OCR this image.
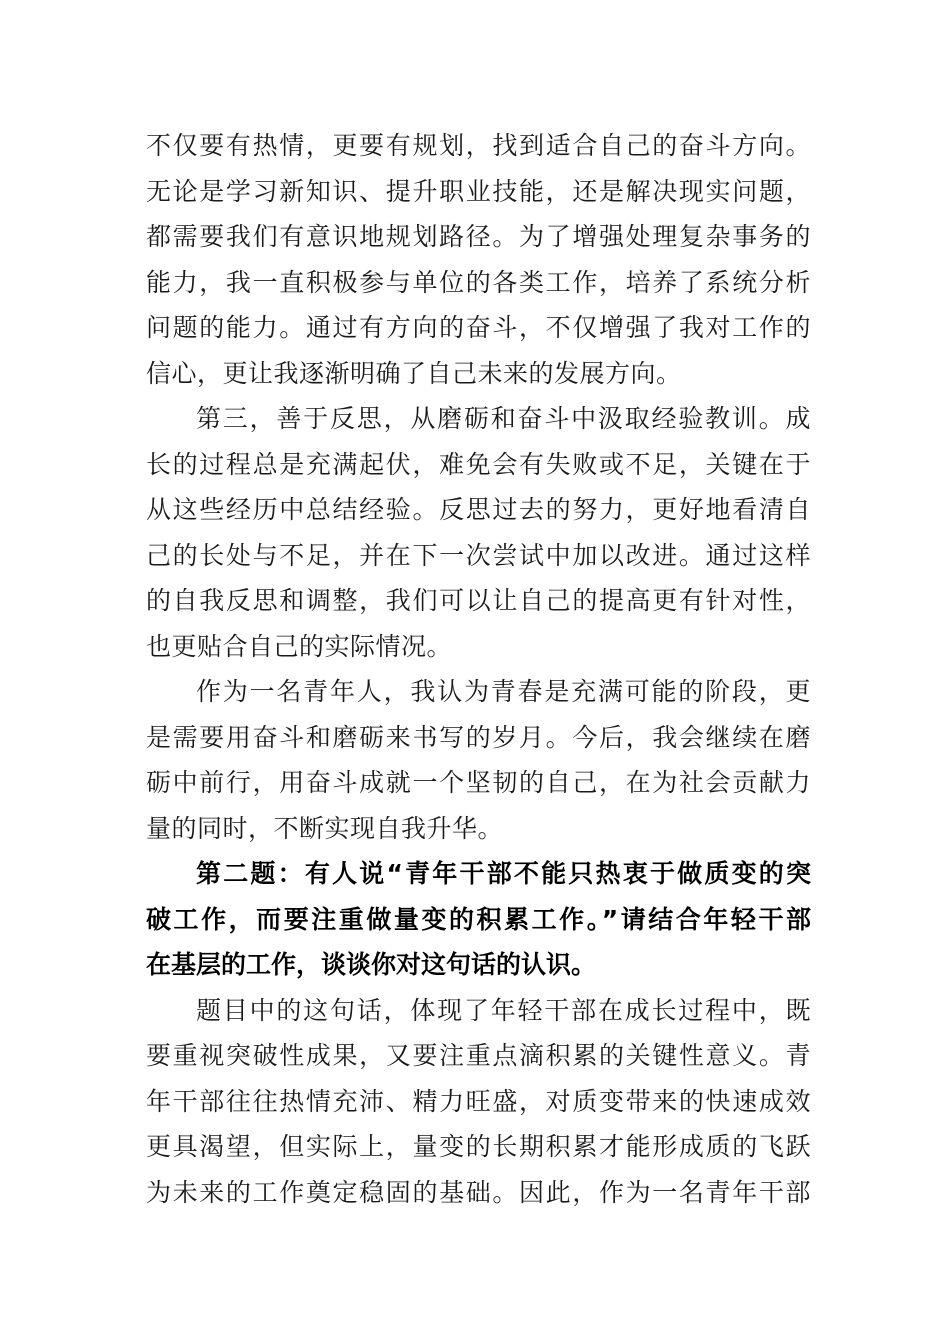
不仅要有热情，更要有规划，找到适合自己的奋斗方向。
无论是学习新知识、提升职业技能，还是解决现实问题，
都需要我们有意识地规划路径。为了增强处理复杂事务的
能力，我一直积极参与单位的各类工作，培养了系统分析
问题的能力。通过有方向的奋斗，不仅增强了我对工作的
信心，更让我逐渐明确了自己未来的发展方向。
第三，善于反思，从磨砺和奋斗中汲取经验教训。成
长的过程总是充满起伏，难免会有失败或不足，关键在于
从这些经历中总结经验。反思过去的努力，更好地看清自
己的长处与不足，并在下一次尝试中加以改进。通过这样
的自我反思和调整，我们可以让自己的提高更有针对性，
也更贴合自己的实际情况。
作为一名青年人，我认为青春是充满可能的阶段，更
是需要用奋斗和磨砺来书写的岁月。今后，我会继续在磨
砺中前行，用奋斗成就一个坚韧的自己，在为社会贡献力
量的同时，不断实现自我升华。
第二题：有人说“青年干部不能只热衷于做质变的突
破工作，而要注重做量变的积累工作。”请结合年轻干部
在基层的工作，谈谈你对这句话的认识。
题目中的这句话，体现了年轻干部在成长过程中，既
要重视突破性成果，又要注重点滴积累的关键性意义。青
年干部往往热情充沛、精力旺盛，对质变带来的快速成效
更具渴望，但实际上，量变的长期积累才能形成质的飞跃
为未来的工作奠定稳固的基础。因此，作为一名青年干部
